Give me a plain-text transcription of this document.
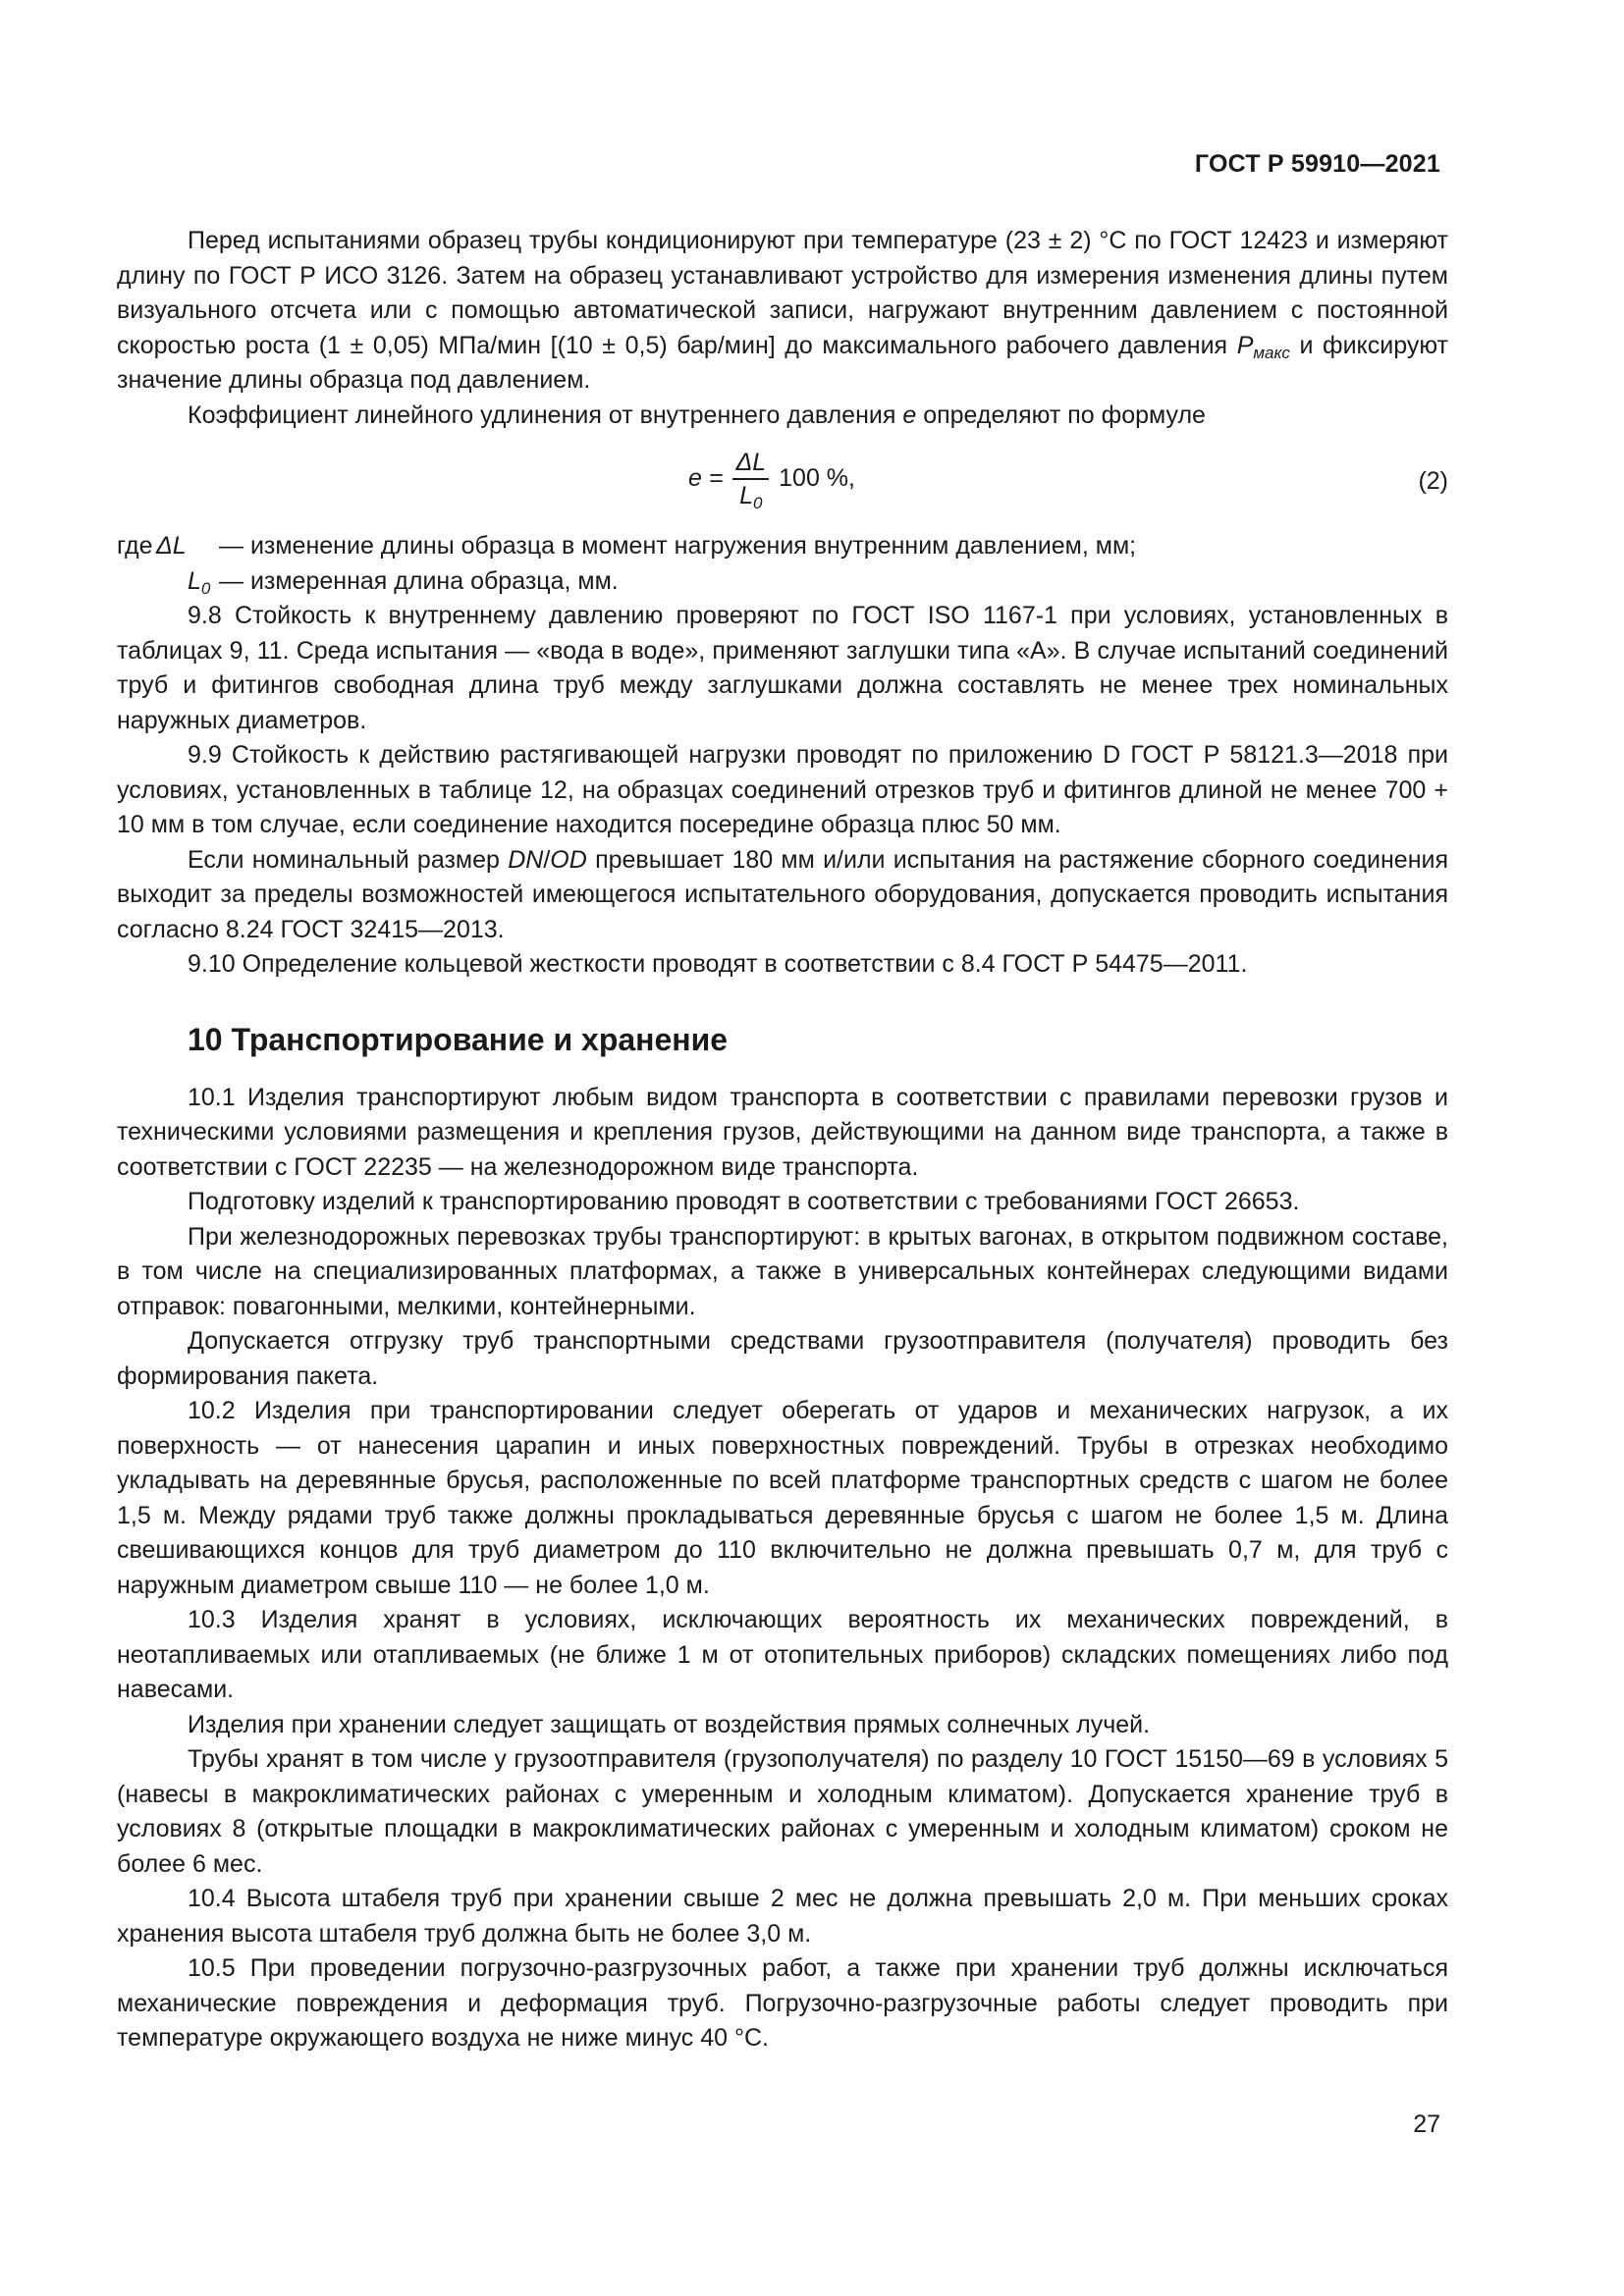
ГОСТ Р 59910—2021

Перед испытаниями образец трубы кондиционируют при температуре (23 ± 2) °С по ГОСТ 12423 и измеряют длину по ГОСТ Р ИСО 3126. Затем на образец устанавливают устройство для измерения изменения длины путем визуального отсчета или с помощью автоматической записи, нагружают внутренним давлением с постоянной скоростью роста (1 ± 0,05) МПа/мин [(10 ± 0,5) бар/мин] до максимального рабочего давления $P_{макс}$ и фиксируют значение длины образца под давлением.

Коэффициент линейного удлинения от внутреннего давления e определяют по формуле

$e = \frac{\Delta L}{L_0} 100$ %,	(2)
где ΔL — изменение длины образца в момент нагружения внутренним давлением, мм;
$L_0$ — измеренная длина образца, мм.

9.8 Стойкость к внутреннему давлению проверяют по ГОСТ ISO 1167-1 при условиях, установленных в таблицах 9, 11. Среда испытания — «вода в воде», применяют заглушки типа «А». В случае испытаний соединений труб и фитингов свободная длина труб между заглушками должна составлять не менее трех номинальных наружных диаметров.

9.9 Стойкость к действию растягивающей нагрузки проводят по приложению D ГОСТ Р 58121.3—2018 при условиях, установленных в таблице 12, на образцах соединений отрезков труб и фитингов длиной не менее 700 + 10 мм в том случае, если соединение находится посередине образца плюс 50 мм.

Если номинальный размер DN/OD превышает 180 мм и/или испытания на растяжение сборного соединения выходит за пределы возможностей имеющегося испытательного оборудования, допускается проводить испытания согласно 8.24 ГОСТ 32415—2013.

9.10 Определение кольцевой жесткости проводят в соответствии с 8.4 ГОСТ Р 54475—2011.

10 Транспортирование и хранение

10.1 Изделия транспортируют любым видом транспорта в соответствии с правилами перевозки грузов и техническими условиями размещения и крепления грузов, действующими на данном виде транспорта, а также в соответствии с ГОСТ 22235 — на железнодорожном виде транспорта.

Подготовку изделий к транспортированию проводят в соответствии с требованиями ГОСТ 26653.

При железнодорожных перевозках трубы транспортируют: в крытых вагонах, в открытом подвижном составе, в том числе на специализированных платформах, а также в универсальных контейнерах следующими видами отправок: повагонными, мелкими, контейнерными.

Допускается отгрузку труб транспортными средствами грузоотправителя (получателя) проводить без формирования пакета.

10.2 Изделия при транспортировании следует оберегать от ударов и механических нагрузок, а их поверхность — от нанесения царапин и иных поверхностных повреждений. Трубы в отрезках необходимо укладывать на деревянные брусья, расположенные по всей платформе транспортных средств с шагом не более 1,5 м. Между рядами труб также должны прокладываться деревянные брусья с шагом не более 1,5 м. Длина свешивающихся концов для труб диаметром до 110 включительно не должна превышать 0,7 м, для труб с наружным диаметром свыше 110 — не более 1,0 м.

10.3 Изделия хранят в условиях, исключающих вероятность их механических повреждений, в неотапливаемых или отапливаемых (не ближе 1 м от отопительных приборов) складских помещениях либо под навесами.

Изделия при хранении следует защищать от воздействия прямых солнечных лучей.

Трубы хранят в том числе у грузоотправителя (грузополучателя) по разделу 10 ГОСТ 15150—69 в условиях 5 (навесы в макроклиматических районах с умеренным и холодным климатом). Допускается хранение труб в условиях 8 (открытые площадки в макроклиматических районах с умеренным и холодным климатом) сроком не более 6 мес.

10.4 Высота штабеля труб при хранении свыше 2 мес не должна превышать 2,0 м. При меньших сроках хранения высота штабеля труб должна быть не более 3,0 м.

10.5 При проведении погрузочно-разгрузочных работ, а также при хранении труб должны исключаться механические повреждения и деформация труб. Погрузочно-разгрузочные работы следует проводить при температуре окружающего воздуха не ниже минус 40 °С.

27
